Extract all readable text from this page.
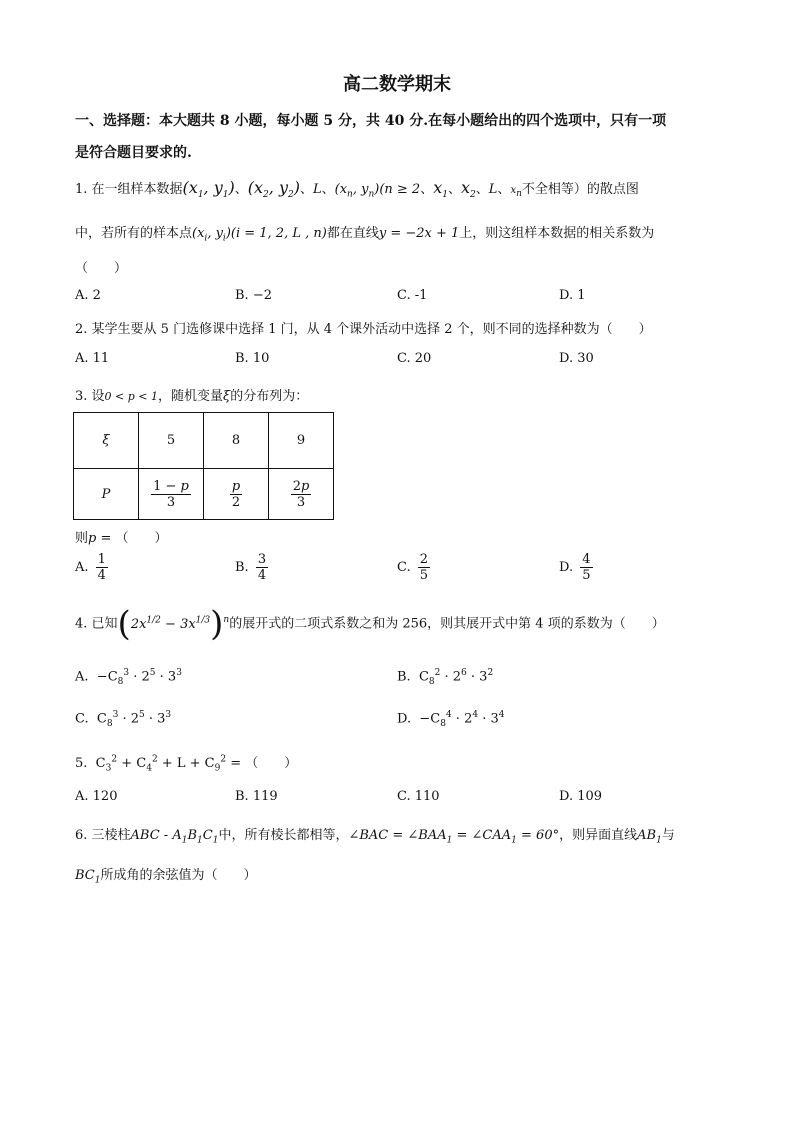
高二数学期末
一、选择题：本大题共 8 小题，每小题 5 分，共 40 分.在每小题给出的四个选项中，只有一项
是符合题目要求的.
1. 在一组样本数据($x_1$, $y_1$)、($x_2$, $y_2$)、L、($x_n$, $y_n)(n \ge 2$、$x_1$、$x_2$、L、$x_n$不全相等）的散点图
中，若所有的样本点($x_i$, $y_i)(i = 1$, 2, L , n)都在直线y = −2x + 1上，则这组样本数据的相关系数为
（　　）
A. 2	B. −2	C. -1	D. 1
2. 某学生要从 5 门选修课中选择 1 门，从 4 个课外活动中选择 2 个，则不同的选择种数为（　　）
A. 11	B. 10	C. 20	D. 30
3. 设0 < p < 1，随机变量ξ的分布列为：
ξ	5	8	9
P	$\frac{1 - p}{3}$	$\frac{p}{2}$	$\frac{2p}{3}$
则p = （　　）
A. $\frac{1}{4}$	B. $\frac{3}{4}$	C. $\frac{2}{5}$	D. $\frac{4}{5}$
4. 已知$(2x^{1/2} - 3x^{1/3})^n$的展开式的二项式系数之和为 256，则其展开式中第 4 项的系数为（　　）
A.  $-C_8^3 \cdot 2^5 \cdot 3^3$	B.  $C_8^2 \cdot 2^6 \cdot 3^2$
C.  $C_8^3 \cdot 2^5 \cdot 3^3$	D.  $-C_8^4 \cdot 2^4 \cdot 3^4$
5.  $C_3^2 + C_4^2 + L + C_9^2$ = （　　）
A. 120	B. 119	C. 110	D. 109
6. 三棱柱ABC - $A_1B_1C_1$中，所有棱长都相等，∠BAC = $\angle BAA_1$ = $\angle CAA_1 = 60^\circ$，则异面直线$AB_1$与
$BC_1$所成角的余弦值为（　　）
